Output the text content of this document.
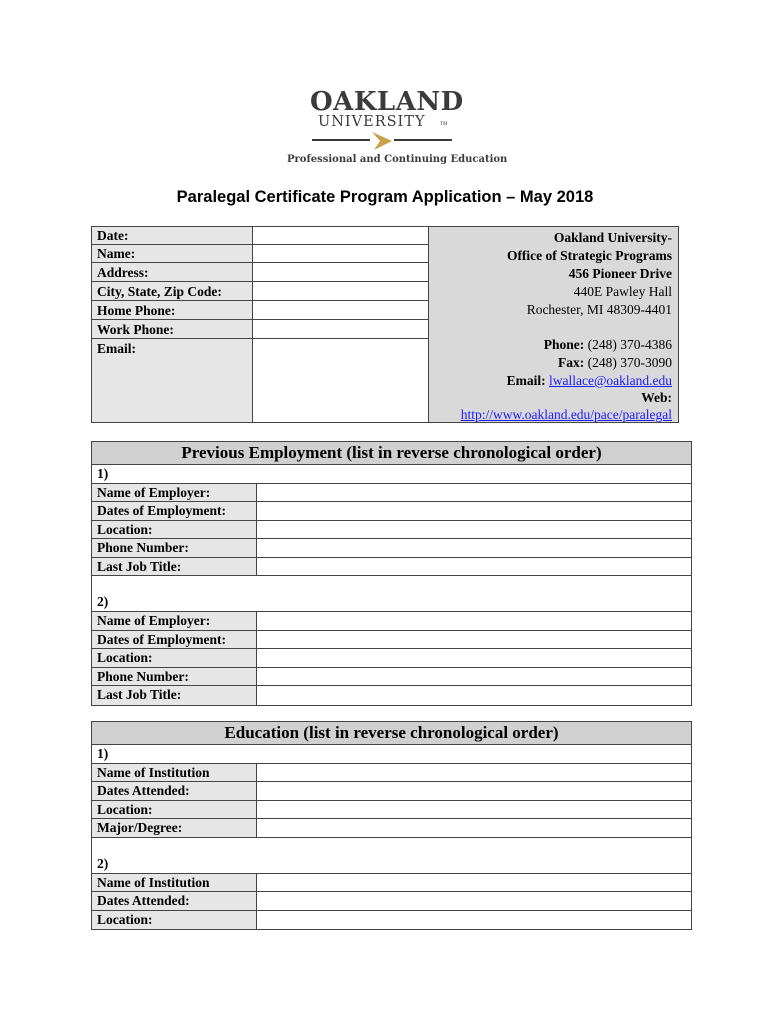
OAKLAND
UNIVERSITY	TM
Professional and Continuing Education
Paralegal Certificate Program Application – May 2018
Date:
Name:
Address:
City, State, Zip Code:
Home Phone:
Work Phone:
Email:
Oakland University-
Office of Strategic Programs
456 Pioneer Drive
440E Pawley Hall
Rochester, MI 48309-4401
Phone: (248) 370-4386
Fax: (248) 370-3090
Email: lwallace@oakland.edu
Web:
http://www.oakland.edu/pace/paralegal
Previous Employment (list in reverse chronological order)
1)
Name of Employer:
Dates of Employment:
Location:
Phone Number:
Last Job Title:
2)
Name of Employer:
Dates of Employment:
Location:
Phone Number:
Last Job Title:
Education (list in reverse chronological order)
1)
Name of Institution
Dates Attended:
Location:
Major/Degree:
2)
Name of Institution
Dates Attended:
Location:
